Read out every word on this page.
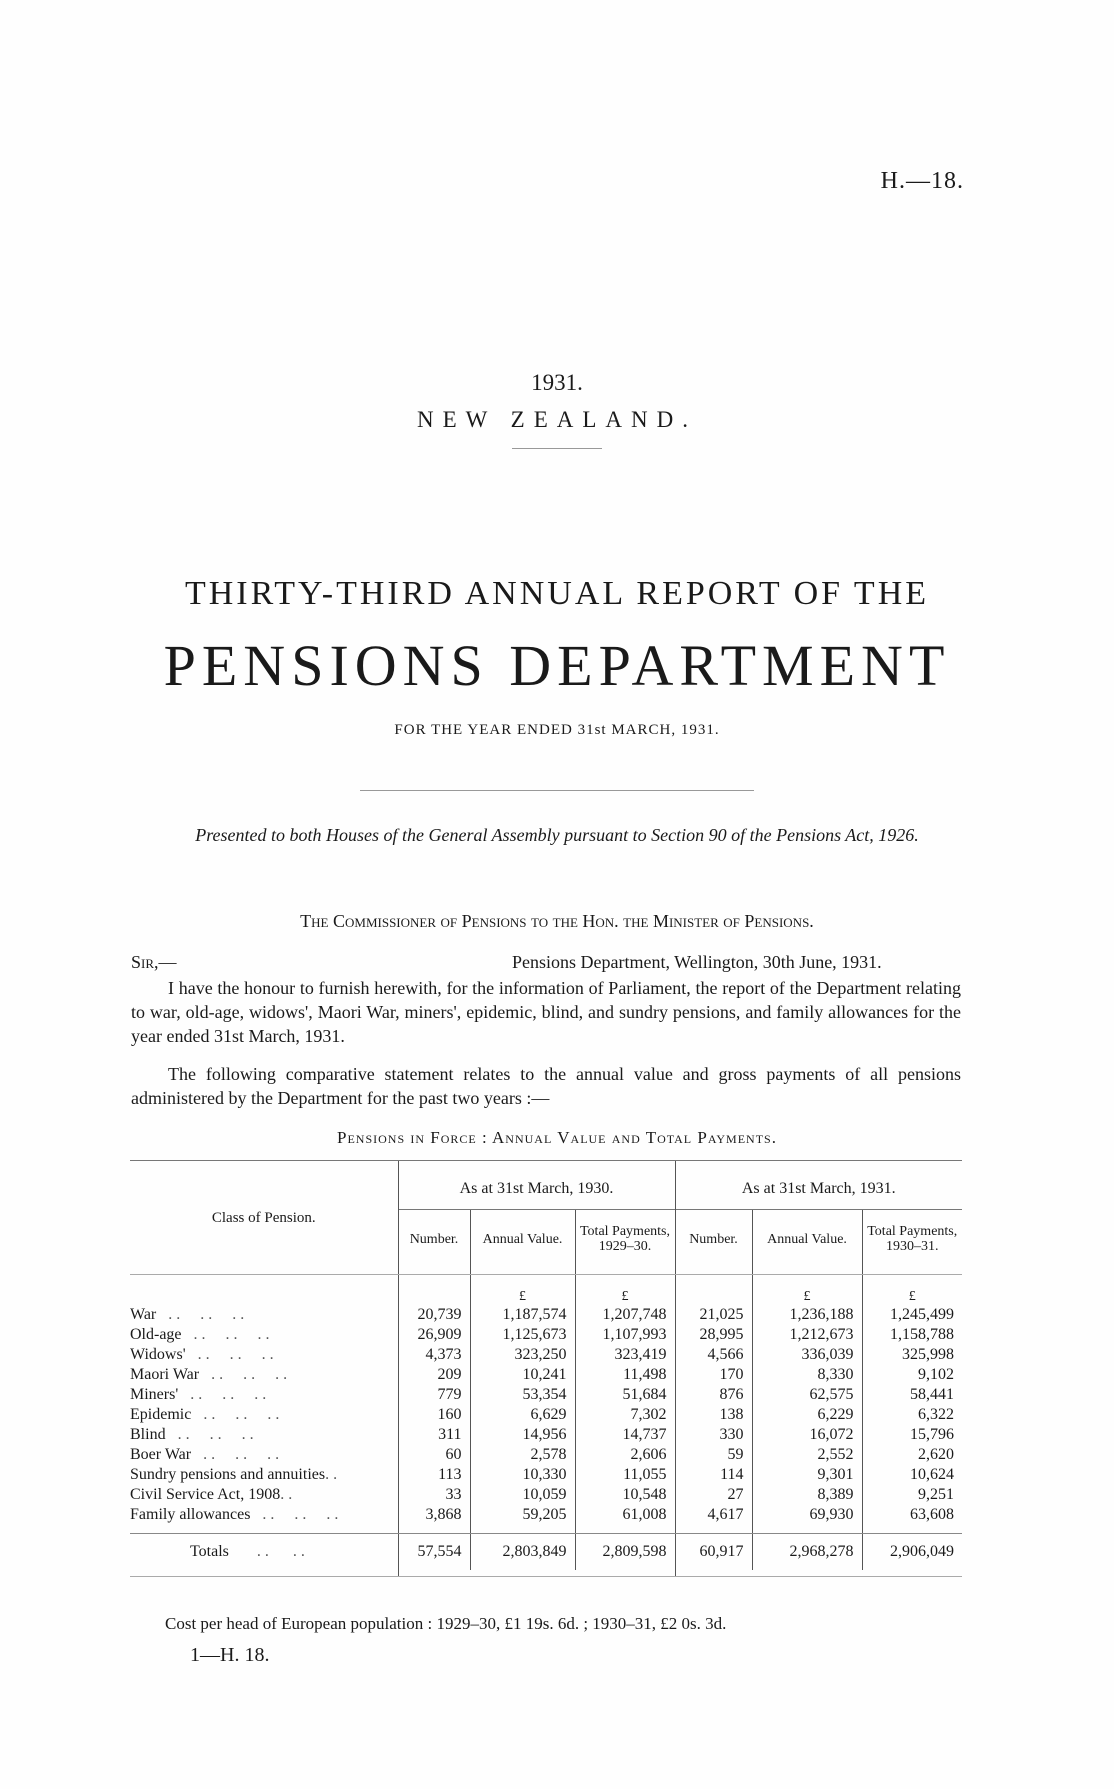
H.—18.
1931.
NEW ZEALAND.
THIRTY-THIRD ANNUAL REPORT OF THE
PENSIONS DEPARTMENT
FOR THE YEAR ENDED 31st MARCH, 1931.
Presented to both Houses of the General Assembly pursuant to Section 90 of the Pensions Act, 1926.
The Commissioner of Pensions to the Hon. the Minister of Pensions.
Sir,—	Pensions Department, Wellington, 30th June, 1931.
I have the honour to furnish herewith, for the information of Parliament, the report of the Department relating to war, old-age, widows', Maori War, miners', epidemic, blind, and sundry pensions, and family allowances for the year ended 31st March, 1931.
The following comparative statement relates to the annual value and gross payments of all pensions administered by the Department for the past two years :—
Pensions in Force : Annual Value and Total Payments.

Class of Pension.	As at 31st March, 1930.			As at 31st March, 1931.		
	Number.	Annual Value.	Total Payments, 1929–30.	Number.	Annual Value.	Total Payments, 1930–31.

		£	£		£	£
War   . .     . .     . .	20,739	1,187,574	1,207,748	21,025	1,236,188	1,245,499
Old-age   . .     . .     . .	26,909	1,125,673	1,107,993	28,995	1,212,673	1,158,788
Widows'   . .     . .     . .	4,373	323,250	323,419	4,566	336,039	325,998
Maori War   . .     . .     . .	209	10,241	11,498	170	8,330	9,102
Miners'   . .     . .     . .	779	53,354	51,684	876	62,575	58,441
Epidemic   . .     . .     . .	160	6,629	7,302	138	6,229	6,322
Blind   . .     . .     . .	311	14,956	14,737	330	16,072	15,796
Boer War   . .     . .     . .	60	2,578	2,606	59	2,552	2,620
Sundry pensions and annuities. .	113	10,330	11,055	114	9,301	10,624
Civil Service Act, 1908. .	33	10,059	10,548	27	8,389	9,251
Family allowances   . .     . .     . .	3,868	59,205	61,008	4,617	69,930	63,608

Totals       . .      . .	57,554	2,803,849	2,809,598	60,917	2,968,278	2,906,049

Cost per head of European population : 1929–30, £1 19s. 6d. ; 1930–31, £2 0s. 3d.
1—H. 18.
